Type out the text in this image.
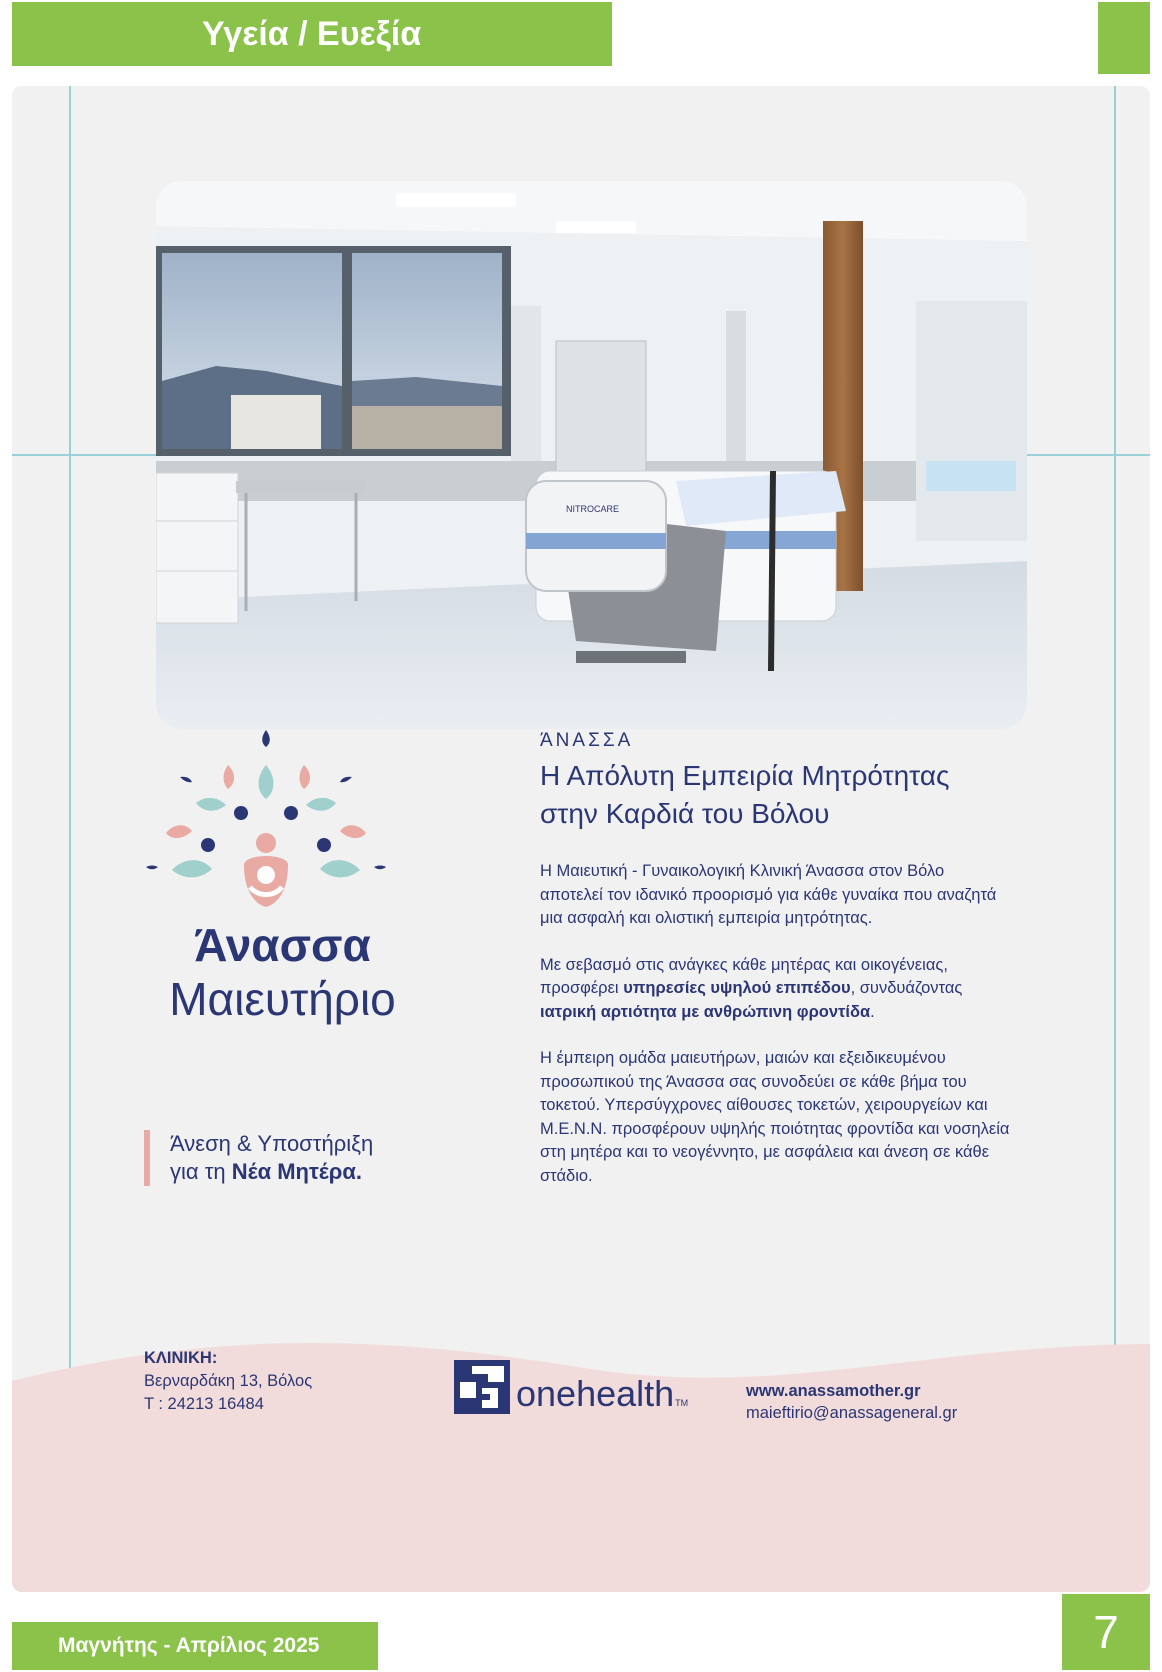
Υγεία / Ευεξία
NITROCARE
Άνασσα
Μαιευτήριο
Άνεση & Υποστήριξη
για τη Νέα Μητέρα.
ΆΝΑΣΣΑ
Η Απόλυτη Εμπειρία Μητρότητας
στην Καρδιά του Βόλου

Η Μαιευτική - Γυναικολογική Κλινική Άνασσα στον Βόλο αποτελεί τον ιδανικό προορισμό για κάθε γυναίκα που αναζητά μια ασφαλή και ολιστική εμπειρία μητρότητας.

Με σεβασμό στις ανάγκες κάθε μητέρας και οικογένειας, προσφέρει υπηρεσίες υψηλού επιπέδου, συνδυάζοντας ιατρική αρτιότητα με ανθρώπινη φροντίδα.

Η έμπειρη ομάδα μαιευτήρων, μαιών και εξειδικευμένου προσωπικού της Άνασσα σας συνοδεύει σε κάθε βήμα του τοκετού. Υπερσύγχρονες αίθουσες τοκετών, χειρουργείων και Μ.Ε.Ν.Ν. προσφέρουν υψηλής ποιότητας φροντίδα και νοσηλεία στη μητέρα και το νεογέννητο, με ασφάλεια και άνεση σε κάθε στάδιο.

ΚΛΙΝΙΚΗ:
Βερναρδάκη 13, Βόλος
Τ : 24213 16484	onehealth TM
www.anassamother.gr
maieftirio@anassageneral.gr
Μαγνήτης - Απρίλιος 2025	7
